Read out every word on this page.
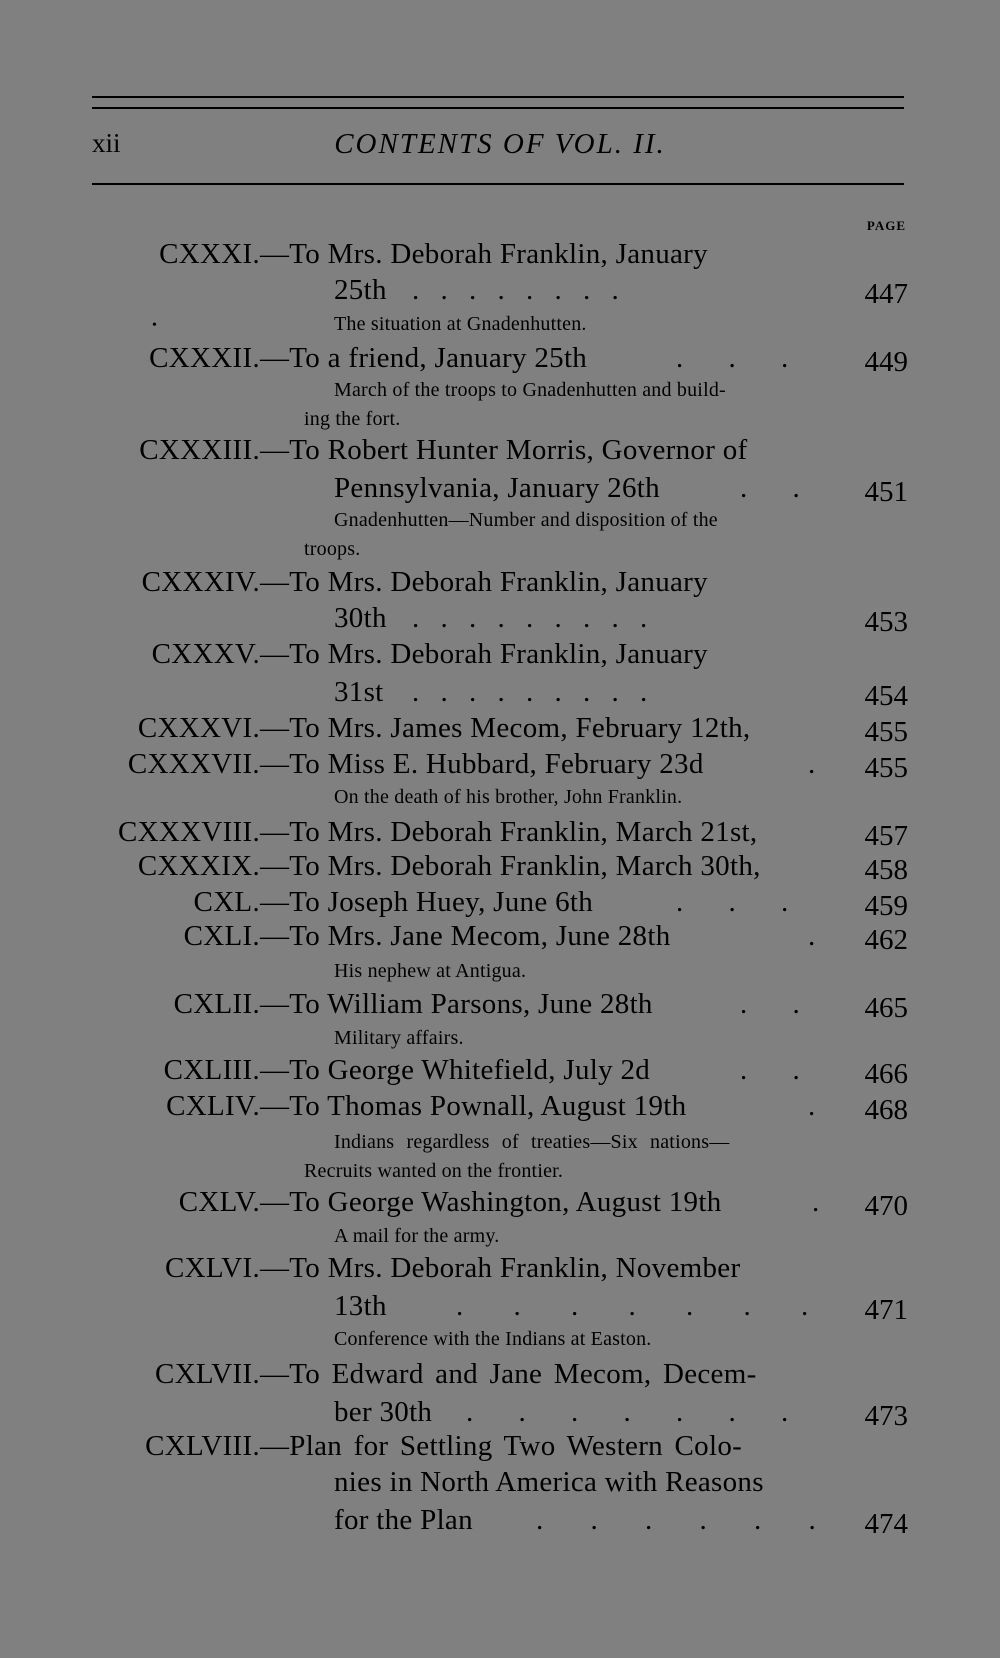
xii	CONTENTS OF VOL. II.
PAGE
CXXXI. —To Mrs. Deborah Franklin, January
25th . . . . . . . .	447
•	The situation at Gnadenhutten.
CXXXII. —To a friend, January 25th	. . .	449
March of the troops to Gnadenhutten and build-
ing the fort.
CXXXIII. —To Robert Hunter Morris, Governor of
Pennsylvania, January 26th	. .	451
Gnadenhutten—Number and disposition of the
troops.
CXXXIV. —To Mrs. Deborah Franklin, January
30th . . . . . . . . .	453
CXXXV. —To Mrs. Deborah Franklin, January
31st . . . . . . . . .	454
CXXXVI. —To Mrs. James Mecom, February 12th,	455
CXXXVII. —To Miss E. Hubbard, February 23d	.	455
On the death of his brother, John Franklin.
CXXXVIII. —To Mrs. Deborah Franklin, March 21st,	457
CXXXIX. —To Mrs. Deborah Franklin, March 30th,	458
CXL. —To Joseph Huey, June 6th	. . .	459
CXLI. —To Mrs. Jane Mecom, June 28th	.	462
His nephew at Antigua.
CXLII. —To William Parsons, June 28th	. .	465
Military affairs.
CXLIII. —To George Whitefield, July 2d	. .	466
CXLIV. —To Thomas Pownall, August 19th	.	468
Indians regardless of treaties—Six nations—
Recruits wanted on the frontier.
CXLV. —To George Washington, August 19th	.	470
A mail for the army.
CXLVI. —To Mrs. Deborah Franklin, November
13th . . . . . . .	471
Conference with the Indians at Easton.
CXLVII. —To Edward and Jane Mecom, Decem-
ber 30th . . . . . . .	473
CXLVIII. —Plan for Settling Two Western Colo-
nies in North America with Reasons
for the Plan . . . . . .	474
